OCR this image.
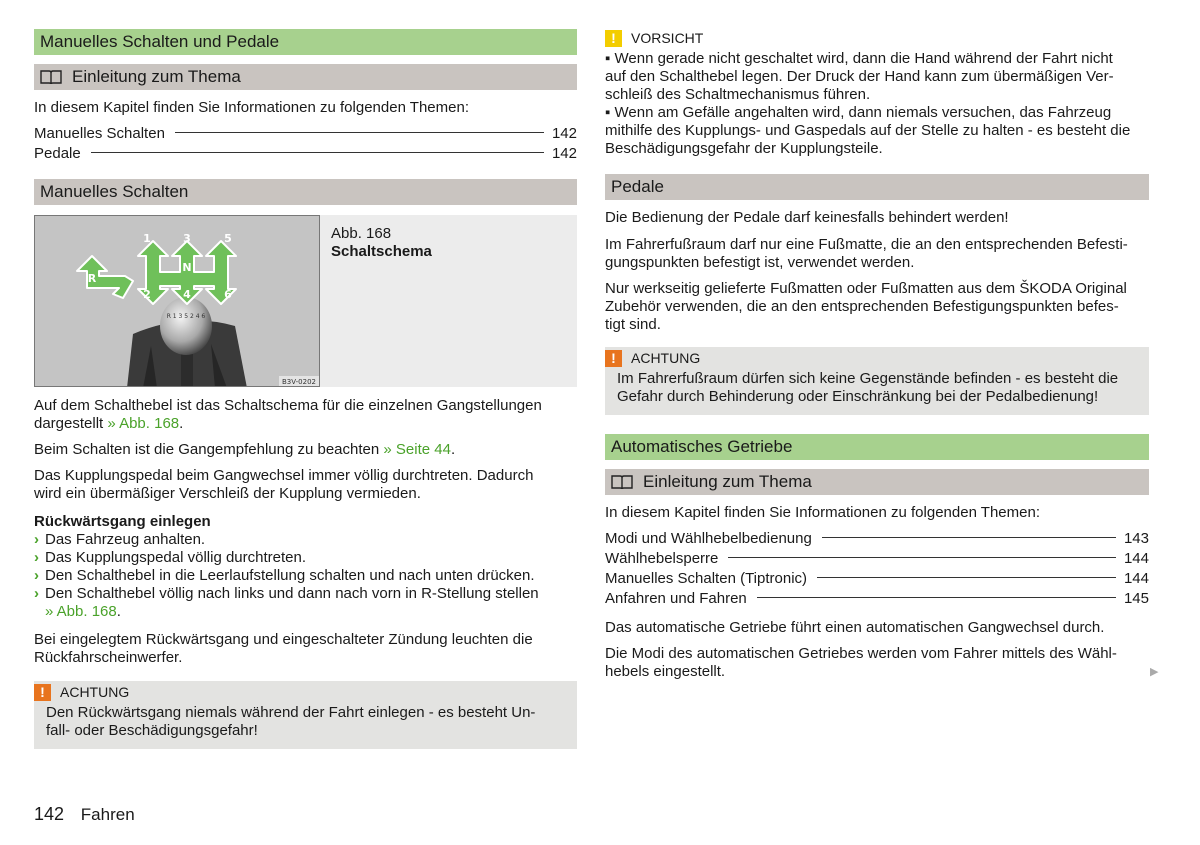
Manuelles Schalten und Pedale
Einleitung zum Thema
In diesem Kapitel finden Sie Informationen zu folgenden Themen:
Manuelles Schalten	142
Pedale	142
Manuelles Schalten
R 1 3 5 2 4 6
1	3	5
R
N
2	4	6
B3V-0202
Abb. 168
Schaltschema
Auf dem Schalthebel ist das Schaltschema für die einzelnen Gangstellungen
dargestellt » Abb. 168.
Beim Schalten ist die Gangempfehlung zu beachten » Seite 44.
Das Kupplungspedal beim Gangwechsel immer völlig durchtreten. Dadurch
wird ein übermäßiger Verschleiß der Kupplung vermieden.
Rückwärtsgang einlegen
› Das Fahrzeug anhalten.
› Das Kupplungspedal völlig durchtreten.
› Den Schalthebel in die Leerlaufstellung schalten und nach unten drücken.
› Den Schalthebel völlig nach links und dann nach vorn in R-Stellung stellen
» Abb. 168.
Bei eingelegtem Rückwärtsgang und eingeschalteter Zündung leuchten die
Rückfahrscheinwerfer.
!	ACHTUNG
Den Rückwärtsgang niemals während der Fahrt einlegen - es besteht Un-
fall- oder Beschädigungsgefahr!
!	VORSICHT
▪ Wenn gerade nicht geschaltet wird, dann die Hand während der Fahrt nicht
auf den Schalthebel legen. Der Druck der Hand kann zum übermäßigen Ver-
schleiß des Schaltmechanismus führen.
▪ Wenn am Gefälle angehalten wird, dann niemals versuchen, das Fahrzeug
mithilfe des Kupplungs- und Gaspedals auf der Stelle zu halten - es besteht die
Beschädigungsgefahr der Kupplungsteile.
Pedale
Die Bedienung der Pedale darf keinesfalls behindert werden!
Im Fahrerfußraum darf nur eine Fußmatte, die an den entsprechenden Befesti-
gungspunkten befestigt ist, verwendet werden.
Nur werkseitig gelieferte Fußmatten oder Fußmatten aus dem ŠKODA Original
Zubehör verwenden, die an den entsprechenden Befestigungspunkten befes-
tigt sind.
!	ACHTUNG
Im Fahrerfußraum dürfen sich keine Gegenstände befinden - es besteht die
Gefahr durch Behinderung oder Einschränkung bei der Pedalbedienung!
Automatisches Getriebe
Einleitung zum Thema
In diesem Kapitel finden Sie Informationen zu folgenden Themen:
Modi und Wählhebelbedienung	143
Wählhebelsperre	144
Manuelles Schalten (Tiptronic)	144
Anfahren und Fahren	145
Das automatische Getriebe führt einen automatischen Gangwechsel durch.
Die Modi des automatischen Getriebes werden vom Fahrer mittels des Wähl-
hebels eingestellt.	▶
142 Fahren
